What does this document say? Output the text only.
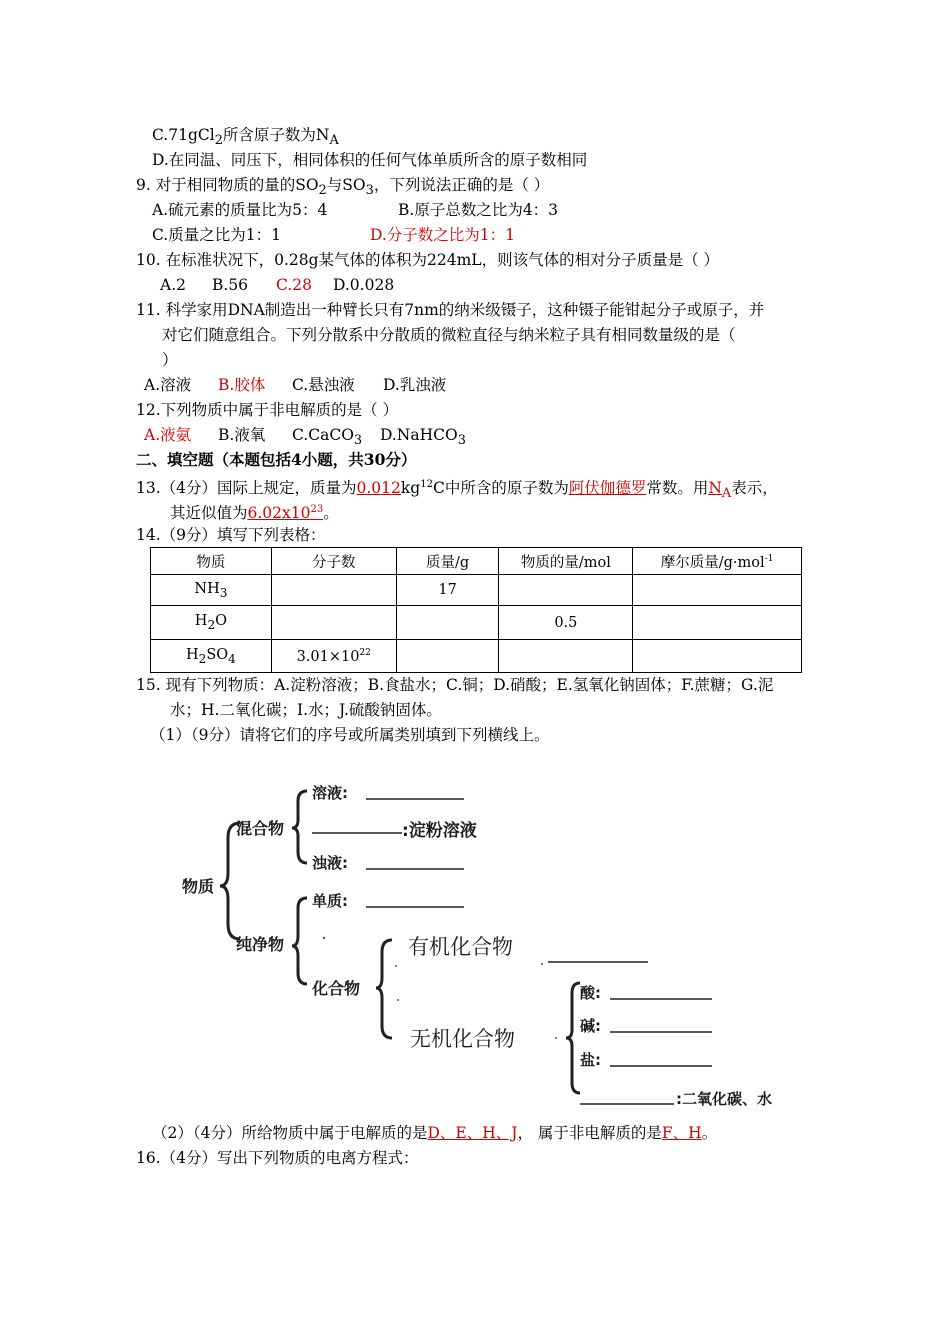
C.71gCl$_2$所含原子数为$N_A$
D.在同温、同压下，相同体积的任何气体单质所含的原子数相同
9. 对于相同物质的量的$SO_2$与$SO_3$，下列说法正确的是（ ）
A.硫元素的质量比为5：4	B.原子总数之比为4：3
C.质量之比为1：1	D.分子数之比为1：1
10. 在标准状况下，0.28g某气体的体积为224mL，则该气体的相对分子质量是（ ）
A.2 B.56 C.28 D.0.028
11. 科学家用DNA制造出一种臂长只有7nm的纳米级镊子，这种镊子能钳起分子或原子，并
对它们随意组合。下列分散系中分散质的微粒直径与纳米粒子具有相同数量级的是（
）
A.溶液 B.胶体 C.悬浊液 D.乳浊液
12.下列物质中属于非电解质的是（ ）
A.液氨 B.液氧 C.CaCO$_3$ D.NaHCO$_3$
二、填空题（本题包括4小题，共30分）
13.（4分）国际上规定，质量为$0.012kg^{12}C$中所含的原子数为阿伏伽德罗常数。用$N_A$表示，
其近似值为$6.02x10^{23}$。
14.（9分）填写下列表格：
物质	分子数	质量/g	物质的量/mol	摩尔质量/g·mol$^{-1}$
$NH_3$		17		
$H_2O$			0.5	
$H_2SO_4$	$3.01\times 10^{22}$			
15. 现有下列物质：A.淀粉溶液；B.食盐水；C.铜；D.硝酸；E.氢氧化钠固体；F.蔗糖；G.泥
水；H.二氧化碳；I.水；J.硫酸钠固体。
（1）（9分）请将它们的序号或所属类别填到下列横线上。
物质
混合物
溶液:
:淀粉溶液
浊液:
纯净物
单质:
化合物
有机化合物
无机化合物
酸:
碱:
盐:
:二氧化碳、水
（2）（4分）所给物质中属于电解质的是D、E、H、J， 属于非电解质的是F、H。
16.（4分）写出下列物质的电离方程式：
